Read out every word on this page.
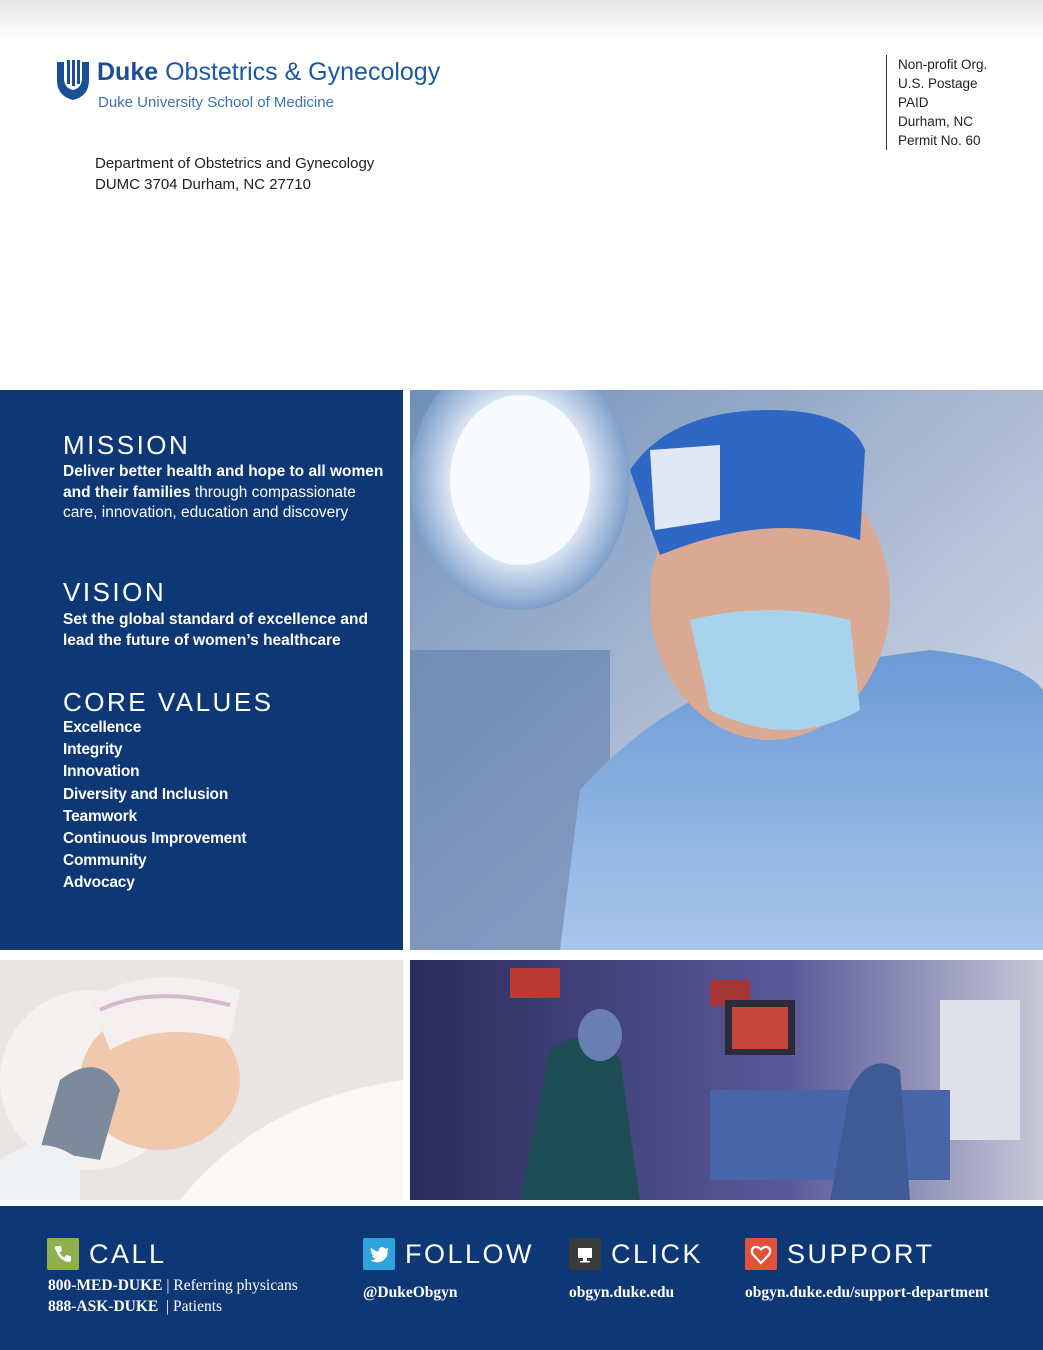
Duke Obstetrics & Gynecology
Duke University School of Medicine
Department of Obstetrics and Gynecology
DUMC 3704 Durham, NC 27710
Non-profit Org.
U.S. Postage
PAID
Durham, NC
Permit No. 60
MISSION
Deliver better health and hope to all women and their families through compassionate care, innovation, education and discovery
VISION
Set the global standard of excellence and lead the future of women’s healthcare
CORE VALUES
Excellence
Integrity
Innovation
Diversity and Inclusion
Teamwork
Continuous Improvement
Community
Advocacy
CALL
800-MED-DUKE | Referring physicans
888-ASK-DUKE | Patients
FOLLOW
@DukeObgyn
CLICK
obgyn.duke.edu
SUPPORT
obgyn.duke.edu/support-department
